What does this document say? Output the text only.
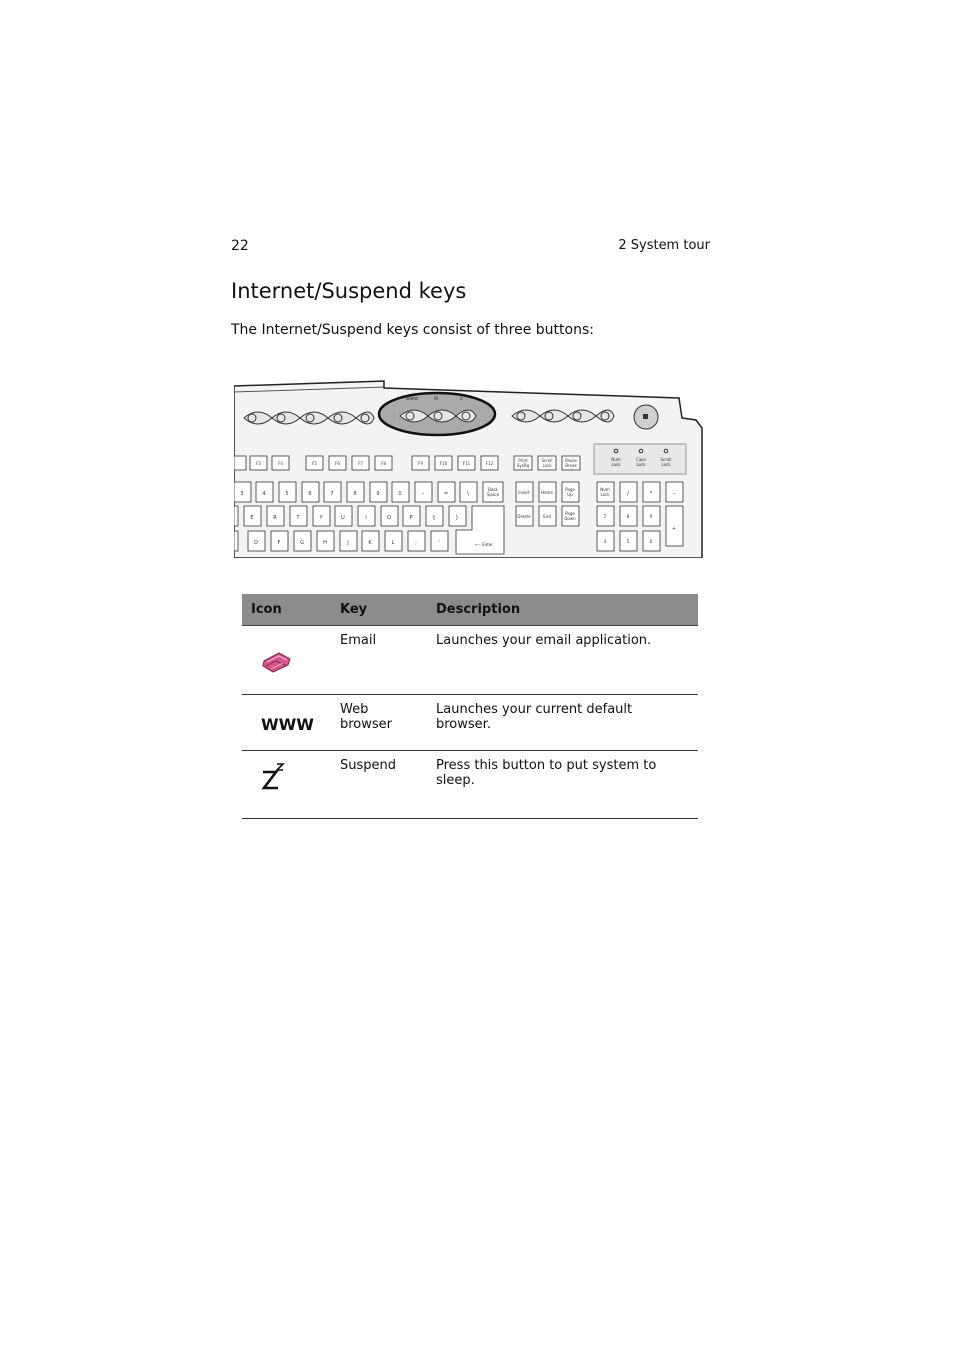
22	2 System tour
Internet/Suspend keys

The Internet/Suspend keys consist of three buttons:

www	✉	z
Num
Lock
Caps
Lock
Scroll
Lock
F3	F4	F5	F6	F7	F8	F9	F10	F11	F12
Print
SysRq
Scroll
Lock
Pause
Break
3	4	5	6	7	8	9	0	–	=	\
Back
Space	Insert	Home
Page
Up
Num
Lock	/	*	–
E	R	T	Y	U	I	O	P	{	}
⟵ Enter
Delete	End
Page
Down	7	8	9
+
D	F	G	H	J	K	L	;	'	4	5	6
Icon	Key	Description

	Email	Launches your email application.

WWW	Web browser	Launches your current default browser.

	Suspend	Press this button to put system to sleep.
